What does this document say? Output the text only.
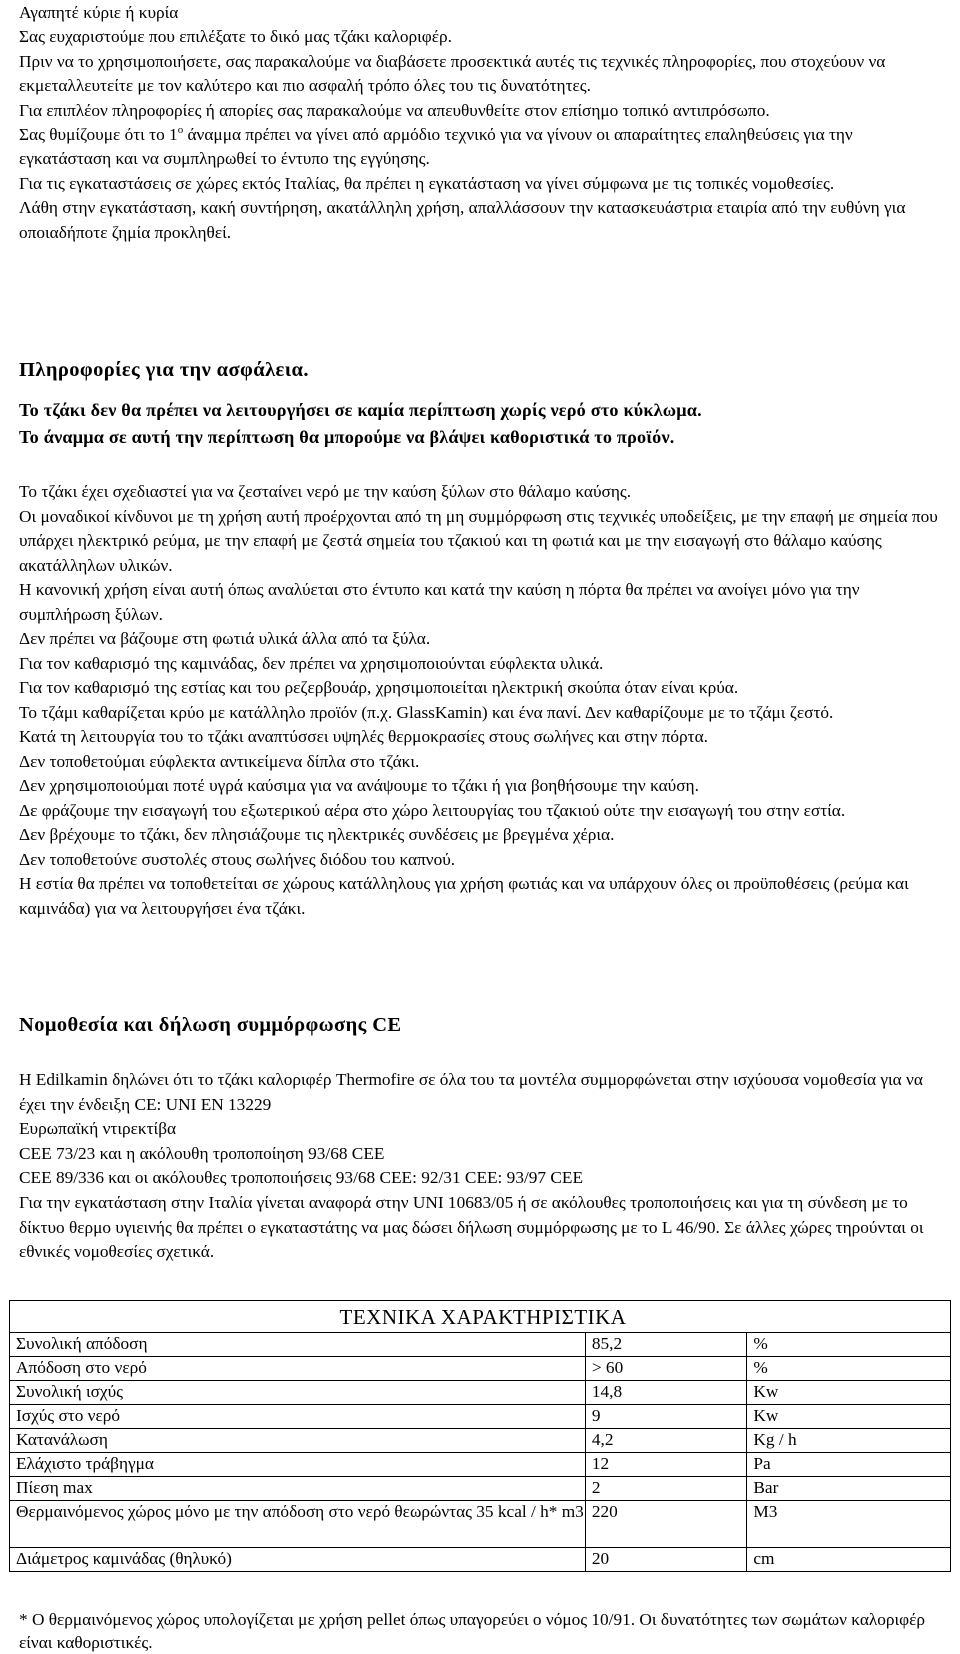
Αγαπητέ κύριε ή κυρία

Σας ευχαριστούμε που επιλέξατε το δικό μας τζάκι καλοριφέρ.

Πριν να το χρησιμοποιήσετε, σας παρακαλούμε να διαβάσετε προσεκτικά αυτές τις τεχνικές πληροφορίες, που στοχεύουν να εκμεταλλευτείτε με τον καλύτερο και πιο ασφαλή τρόπο όλες του τις δυνατότητες.

Για επιπλέον πληροφορίες ή απορίες σας παρακαλούμε να απευθυνθείτε στον επίσημο τοπικό αντιπρόσωπο.

Σας θυμίζουμε ότι το $1^o$ άναμμα πρέπει να γίνει από αρμόδιο τεχνικό για να γίνουν οι απαραίτητες επαληθεύσεις για την εγκατάσταση και να συμπληρωθεί το έντυπο της εγγύησης.

Για τις εγκαταστάσεις σε χώρες εκτός Ιταλίας, θα πρέπει η εγκατάσταση να γίνει σύμφωνα με τις τοπικές νομοθεσίες.

Λάθη στην εγκατάσταση, κακή συντήρηση, ακατάλληλη χρήση, απαλλάσσουν την κατασκευάστρια εταιρία από την ευθύνη για οποιαδήποτε ζημία προκληθεί.

Πληροφορίες για την ασφάλεια.
Το τζάκι δεν θα πρέπει να λειτουργήσει σε καμία περίπτωση χωρίς νερό στο κύκλωμα.
Το άναμμα σε αυτή την περίπτωση θα μπορούμε να βλάψει καθοριστικά το προϊόν.

Το τζάκι έχει σχεδιαστεί για να ζεσταίνει νερό με την καύση ξύλων στο θάλαμο καύσης.

Οι μοναδικοί κίνδυνοι με τη χρήση αυτή προέρχονται από τη μη συμμόρφωση στις τεχνικές υποδείξεις, με την επαφή με σημεία που υπάρχει ηλεκτρικό ρεύμα, με την επαφή με ζεστά σημεία του τζακιού και τη φωτιά και με την εισαγωγή στο θάλαμο καύσης ακατάλληλων υλικών.

Η κανονική χρήση είναι αυτή όπως αναλύεται στο έντυπο και κατά την καύση η πόρτα θα πρέπει να ανοίγει μόνο για την συμπλήρωση ξύλων.

Δεν πρέπει να βάζουμε στη φωτιά υλικά άλλα από τα ξύλα.

Για τον καθαρισμό της καμινάδας, δεν πρέπει να χρησιμοποιούνται εύφλεκτα υλικά.

Για τον καθαρισμό της εστίας και του ρεζερβουάρ, χρησιμοποιείται ηλεκτρική σκούπα όταν είναι κρύα.

Το τζάμι καθαρίζεται κρύο με κατάλληλο προϊόν (π.χ. GlassKamin) και ένα πανί. Δεν καθαρίζουμε με το τζάμι ζεστό.

Κατά τη λειτουργία του το τζάκι αναπτύσσει υψηλές θερμοκρασίες στους σωλήνες και στην πόρτα.

Δεν τοποθετούμαι εύφλεκτα αντικείμενα δίπλα στο τζάκι.

Δεν χρησιμοποιούμαι ποτέ υγρά καύσιμα για να ανάψουμε το τζάκι ή για βοηθήσουμε την καύση.

Δε φράζουμε την εισαγωγή του εξωτερικού αέρα στο χώρο λειτουργίας του τζακιού ούτε την εισαγωγή του στην εστία.

Δεν βρέχουμε το τζάκι, δεν πλησιάζουμε τις ηλεκτρικές συνδέσεις με βρεγμένα χέρια.

Δεν τοποθετούνε συστολές στους σωλήνες διόδου του καπνού.

Η εστία θα πρέπει να τοποθετείται σε χώρους κατάλληλους για χρήση φωτιάς και να υπάρχουν όλες οι προϋποθέσεις (ρεύμα και καμινάδα) για να λειτουργήσει ένα τζάκι.

Νομοθεσία και δήλωση συμμόρφωσης CE

Η Edilkamin δηλώνει ότι το τζάκι καλοριφέρ Thermofire σε όλα του τα μοντέλα συμμορφώνεται στην ισχύουσα νομοθεσία για να έχει την ένδειξη CE: UNI EN 13229

Ευρωπαϊκή ντιρεκτίβα

CEE 73/23 και η ακόλουθη τροποποίηση 93/68 CEE

CEE 89/336 και οι ακόλουθες τροποποιήσεις 93/68 CEE: 92/31 CEE: 93/97 CEE

Για την εγκατάσταση στην Ιταλία γίνεται αναφορά στην UNI 10683/05 ή σε ακόλουθες τροποποιήσεις και για τη σύνδεση με το δίκτυο θερμο υγιεινής θα πρέπει ο εγκαταστάτης να μας δώσει δήλωση συμμόρφωσης με το L 46/90. Σε άλλες χώρες τηρούνται οι εθνικές νομοθεσίες σχετικά.

ΤΕΧΝΙΚΑ ΧΑΡΑΚΤΗΡΙΣΤΙΚΑ		
Συνολική απόδοση	85,2	%
Απόδοση στο νερό	> 60	%
Συνολική ισχύς	14,8	Kw
Ισχύς στο νερό	9	Kw
Κατανάλωση	4,2	Kg / h
Ελάχιστο τράβηγμα	12	Pa
Πίεση max	2	Bar
Θερμαινόμενος χώρος μόνο με την απόδοση στο νερό θεωρώντας 35 kcal / h* m3	220	M3
Διάμετρος καμινάδας (θηλυκό)	20	cm
* Ο θερμαινόμενος χώρος υπολογίζεται με χρήση pellet όπως υπαγορεύει ο νόμος 10/91. Οι δυνατότητες των σωμάτων καλοριφέρ είναι καθοριστικές.
